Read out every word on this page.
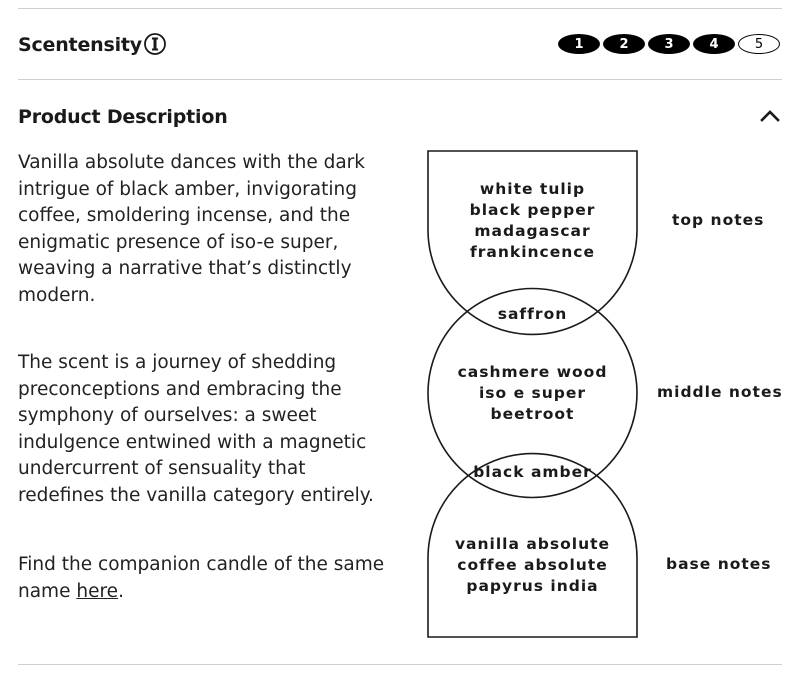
Scentensity	1	2	3	4	5
Product Description

Vanilla absolute dances with the dark intrigue of black amber, invigorating coffee, smoldering incense, and the enigmatic presence of iso-e super, weaving a narrative that’s distinctly modern.

The scent is a journey of shedding preconceptions and embracing the symphony of ourselves: a sweet indulgence entwined with a magnetic undercurrent of sensuality that redefines the vanilla category entirely.

Find the companion candle of the same name here.

white tulip
black pepper
madagascar
frankincence
saffron
cashmere wood
iso e super
beetroot
black amber
vanilla absolute
coffee absolute
papyrus india
top notes
middle notes
base notes
